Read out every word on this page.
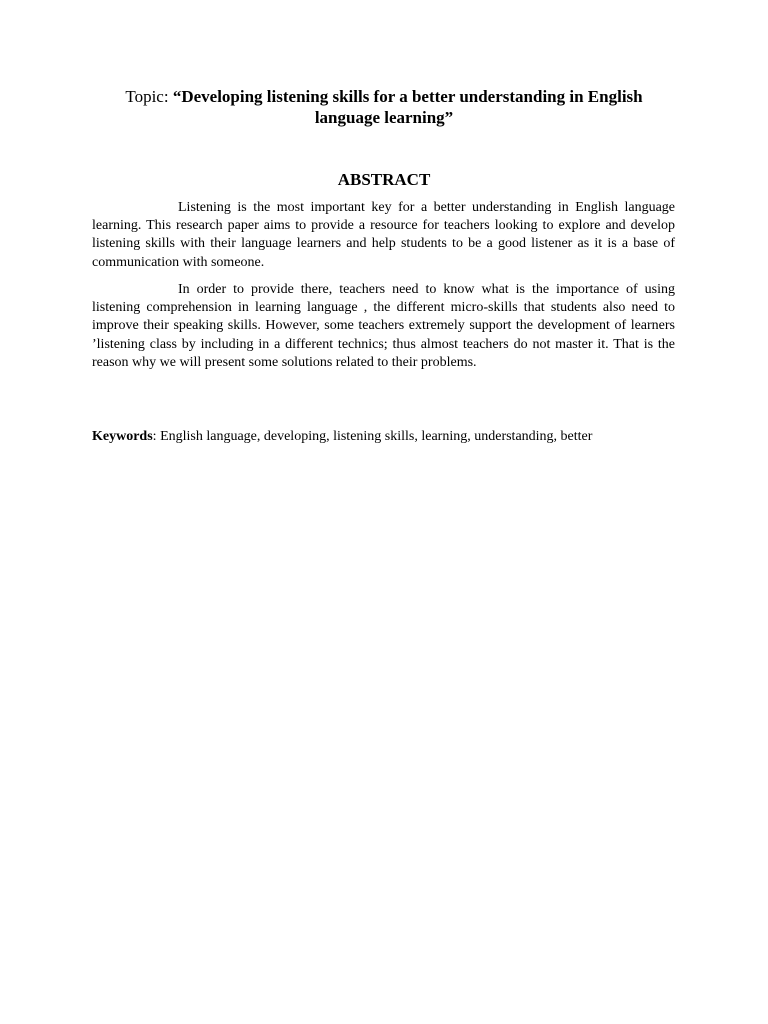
Topic: “Developing listening skills for a better understanding in English language learning”
ABSTRACT

Listening is the most important key for a better understanding in English language learning. This research paper aims to provide a resource for teachers looking to explore and develop listening skills with their language learners and help students to be a good listener as it is a base of communication with someone.

In order to provide there, teachers need to know what is the importance of using listening comprehension in learning language , the different micro-skills that students also need to improve their speaking skills. However, some teachers extremely support the development of learners ’listening class by including in a different technics; thus almost teachers do not master it. That is the reason why we will present some solutions related to their problems.

Keywords: English language, developing, listening skills, learning, understanding, better
